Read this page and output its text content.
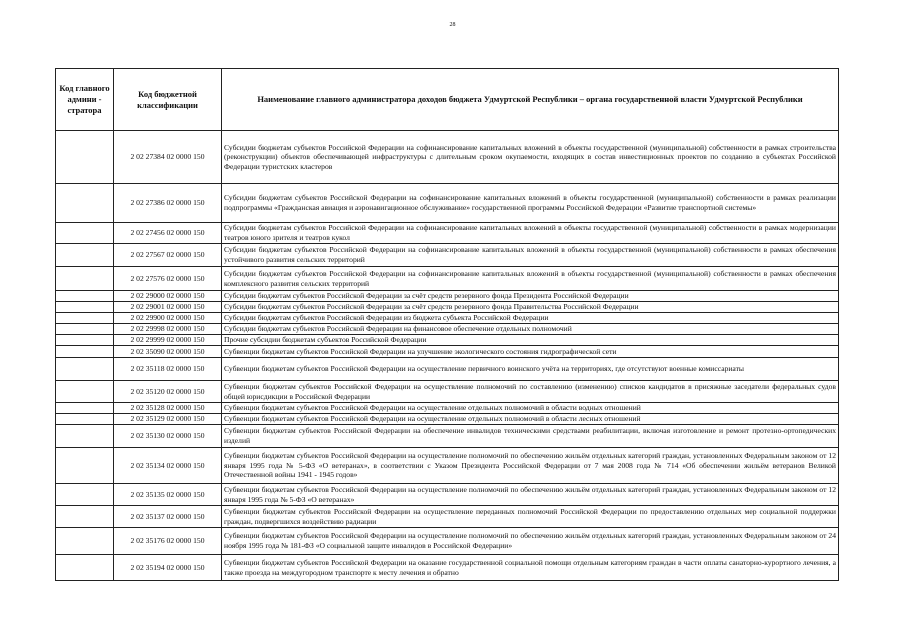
28
Код главного админи - стратора	Код бюджетной классификации	Наименование главного администратора доходов бюджета Удмуртской Республики – органа государственной власти Удмуртской Республики
	2 02 27384 02 0000 150	Субсидии бюджетам субъектов Российской Федерации на софинансирование капитальных вложений в объекты государственной (муниципальной) собственности в рамках строительства (реконструкции) объектов обеспечивающей инфраструктуры с длительным сроком окупаемости, входящих в состав инвестиционных проектов по созданию в субъектах Российской Федерации туристских кластеров
	2 02 27386 02 0000 150	Субсидии бюджетам субъектов Российской Федерации на софинансирование капитальных вложений в объекты государственной (муниципальной) собственности в рамках реализации подпрограммы «Гражданская авиация и аэронавигационное обслуживание» государственной программы Российской Федерации «Развитие транспортной системы»
	2 02 27456 02 0000 150	Субсидии бюджетам субъектов Российской Федерации на софинансирование капитальных вложений в объекты государственной (муниципальной) собственности в рамках модернизации театров юного зрителя и театров кукол
	2 02 27567 02 0000 150	Субсидии бюджетам субъектов Российской Федерации на софинансирование капитальных вложений в объекты государственной (муниципальной) собственности в рамках обеспечения устойчивого развития сельских территорий
	2 02 27576 02 0000 150	Субсидии бюджетам субъектов Российской Федерации на софинансирование капитальных вложений в объекты государственной (муниципальной) собственности в рамках обеспечения комплексного развития сельских территорий
	2 02 29000 02 0000 150	Субсидии бюджетам субъектов Российской Федерации за счёт средств резервного фонда Президента Российской Федерации
	2 02 29001 02 0000 150	Субсидии бюджетам субъектов Российской Федерации за счёт средств резервного фонда Правительства Российской Федерации
	2 02 29900 02 0000 150	Субсидии бюджетам субъектов Российской Федерации из бюджета субъекта Российской Федерации
	2 02 29998 02 0000 150	Субсидии бюджетам субъектов Российской Федерации на финансовое обеспечение отдельных полномочий
	2 02 29999 02 0000 150	Прочие субсидии бюджетам субъектов Российской Федерации
	2 02 35090 02 0000 150	Субвенции бюджетам субъектов Российской Федерации на улучшение экологического состояния гидрографической сети
	2 02 35118 02 0000 150	Субвенции бюджетам субъектов Российской Федерации на осуществление первичного воинского учёта на территориях, где отсутствуют военные комиссариаты
	2 02 35120 02 0000 150	Субвенции бюджетам субъектов Российской Федерации на осуществление полномочий по составлению (изменению) списков кандидатов в присяжные заседатели федеральных судов общей юрисдикции в Российской Федерации
	2 02 35128 02 0000 150	Субвенции бюджетам субъектов Российской Федерации на осуществление отдельных полномочий в области водных отношений
	2 02 35129 02 0000 150	Субвенции бюджетам субъектов Российской Федерации на осуществление отдельных полномочий в области лесных отношений
	2 02 35130 02 0000 150	Субвенции бюджетам субъектов Российской Федерации на обеспечение инвалидов техническими средствами реабилитации, включая изготовление и ремонт протезно-ортопедических изделий
	2 02 35134 02 0000 150	Субвенции бюджетам субъектов Российской Федерации на осуществление полномочий по обеспечению жильём отдельных категорий граждан, установленных Федеральным законом от 12 января 1995 года № 5-ФЗ «О ветеранах», в соответствии с Указом Президента Российской Федерации от 7 мая 2008 года № 714 «Об обеспечении жильём ветеранов Великой Отечественной войны 1941 - 1945 годов»
	2 02 35135 02 0000 150	Субвенции бюджетам субъектов Российской Федерации на осуществление полномочий по обеспечению жильём отдельных категорий граждан, установленных Федеральным законом от 12 января 1995 года № 5-ФЗ «О ветеранах»
	2 02 35137 02 0000 150	Субвенции бюджетам субъектов Российской Федерации на осуществление переданных полномочий Российской Федерации по предоставлению отдельных мер социальной поддержки граждан, подвергшихся воздействию радиации
	2 02 35176 02 0000 150	Субвенции бюджетам субъектов Российской Федерации на осуществление полномочий по обеспечению жильём отдельных категорий граждан, установленных Федеральным законом от 24 ноября 1995 года № 181-ФЗ «О социальной защите инвалидов в Российской Федерации»
	2 02 35194 02 0000 150	Субвенции бюджетам субъектов Российской Федерации на оказание государственной социальной помощи отдельным категориям граждан в части оплаты санаторно-курортного лечения, а также проезда на междугородном транспорте к месту лечения и обратно
